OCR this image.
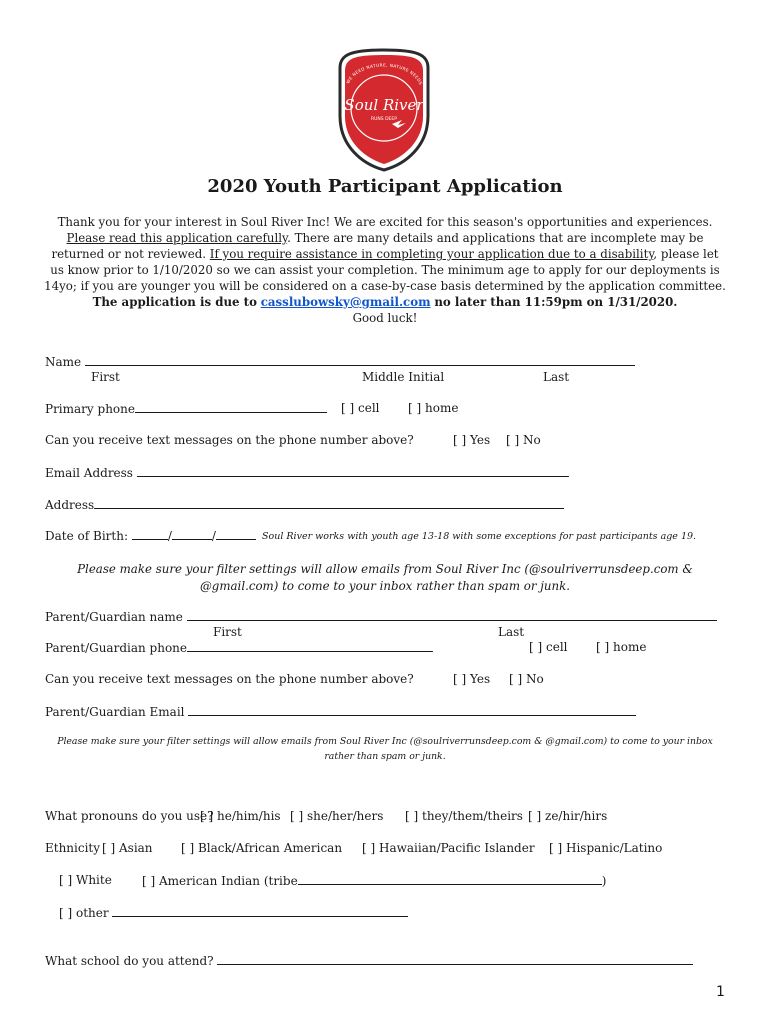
WE NEED NATURE, NATURE NEEDS
Soul River
RUNS DEEP
2020 Youth Participant Application
Thank you for your interest in Soul River Inc! We are excited for this season's opportunities and experiences. Please read this application carefully. There are many details and applications that are incomplete may be returned or not reviewed. If you require assistance in completing your application due to a disability, please let us know prior to 1/10/2020 so we can assist your completion. The minimum age to apply for our deployments is 14yo; if you are younger you will be considered on a case-by-case basis determined by the application committee. The application is due to casslubowsky@gmail.com no later than 11:59pm on 1/31/2020.
Good luck!
Name
First	Middle Initial	Last
Primary phone	[ ] cell [ ] home
Can you receive text messages on the phone number above?	[ ] Yes [ ] No
Email Address
Address
Date of Birth:	/	/	Soul River works with youth age 13-18 with some exceptions for past participants age 19.
Please make sure your filter settings will allow emails from Soul River Inc (@soulriverrunsdeep.com & @gmail.com) to come to your inbox rather than spam or junk.
Parent/Guardian name
First	Last
Parent/Guardian phone	[ ] cell [ ] home
Can you receive text messages on the phone number above?	[ ] Yes [ ] No
Parent/Guardian Email
Please make sure your filter settings will allow emails from Soul River Inc (@soulriverrunsdeep.com & @gmail.com) to come to your inbox rather than spam or junk.
What pronouns do you use?
[ ] he/him/his [ ] she/her/hers [ ] they/them/theirs [ ] ze/hir/hirs
Ethnicity [ ] Asian [ ] Black/African American [ ] Hawaiian/Pacific Islander [ ] Hispanic/Latino
[ ] White	[ ] American Indian (tribe	)
[ ] other
What school do you attend?
1
